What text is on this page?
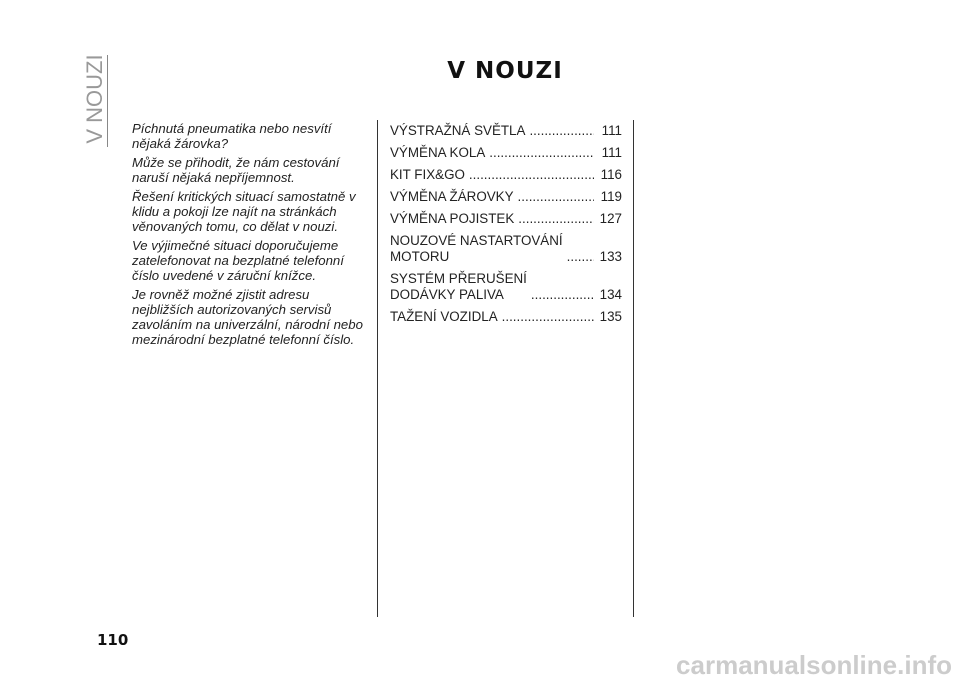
V NOUZI	V NOUZI

Píchnutá pneumatika nebo nesvítí nějaká žárovka?

Může se přihodit, že nám cestování naruší nějaká nepříjemnost.

Řešení kritických situací samostatně v klidu a pokoji lze najít na stránkách věnovaných tomu, co dělat v nouzi.

Ve výjimečné situaci doporučujeme zatelefonovat na bezplatné telefonní číslo uvedené v záruční knížce.

Je rovněž možné zjistit adresu nejbližších autorizovaných servisů zavoláním na univerzální, národní nebo mezinárodní bezplatné telefonní číslo.

VÝSTRAŽNÁ SVĚTLA .....	111
VÝMĚNA KOLA .....	111
KIT FIX&GO .....	116
VÝMĚNA ŽÁROVKY .....	119
VÝMĚNA POJISTEK .....	127
NOUZOVÉ NASTARTOVÁNÍ
MOTORU .....	133
SYSTÉM PŘERUŠENÍ
DODÁVKY PALIVA .....	134
TAŽENÍ VOZIDLA .....	135
110
carmanualsonline.info
